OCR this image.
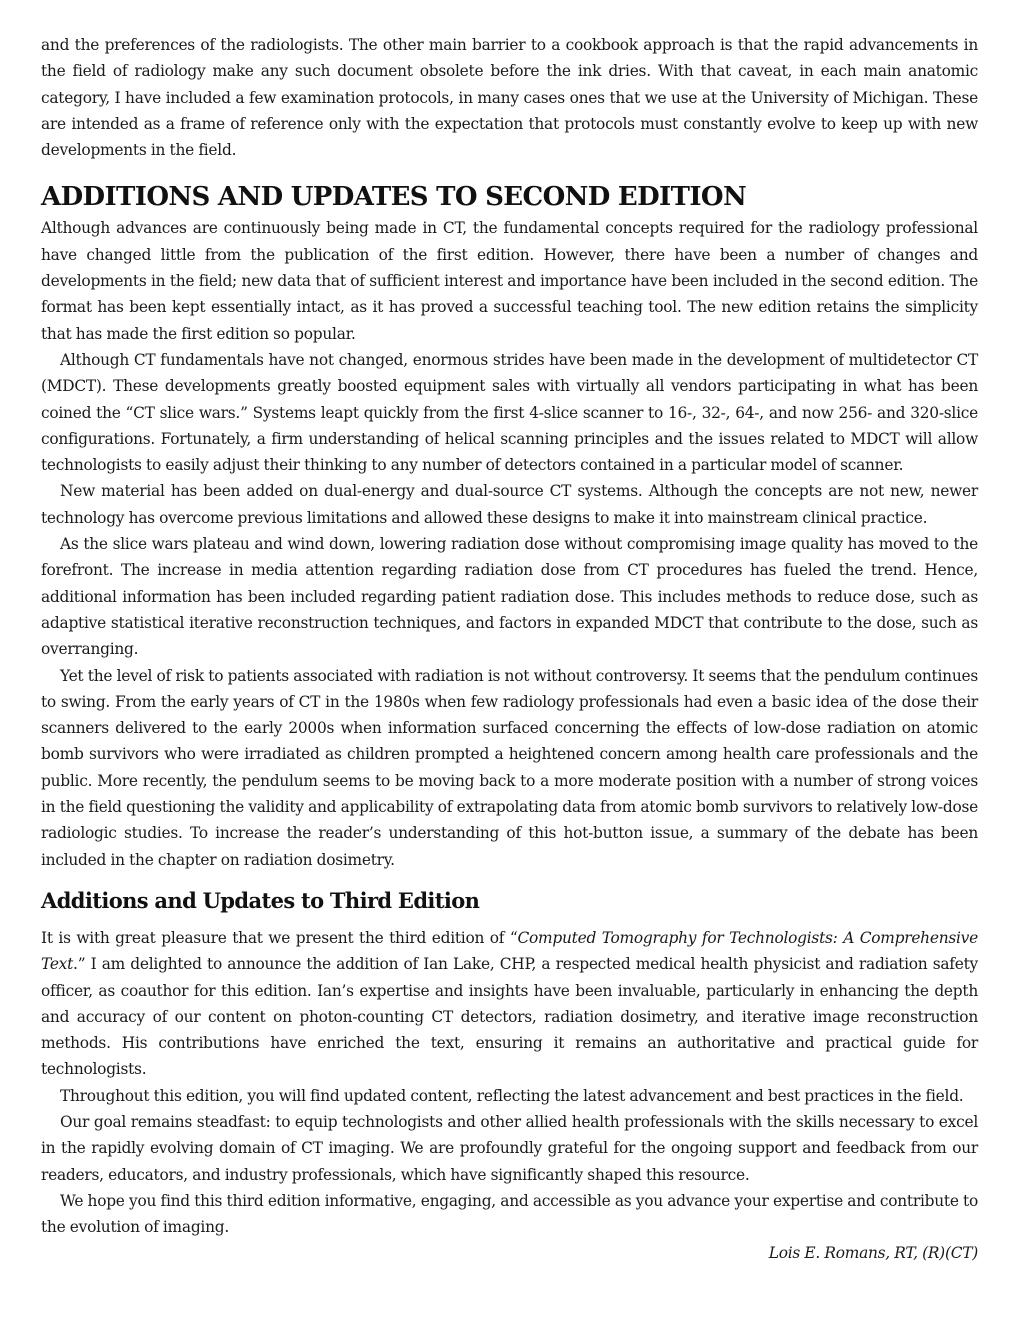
and the preferences of the radiologists. The other main barrier to a cookbook approach is that the rapid advancements in the field of radiology make any such document obsolete before the ink dries. With that caveat, in each main anatomic category, I have included a few examination protocols, in many cases ones that we use at the University of Michigan. These are intended as a frame of reference only with the expectation that protocols must constantly evolve to keep up with new developments in the field.

ADDITIONS AND UPDATES TO SECOND EDITION

Although advances are continuously being made in CT, the fundamental concepts required for the radiology professional have changed little from the publication of the first edition. However, there have been a number of changes and developments in the field; new data that of sufficient interest and importance have been included in the second edition. The format has been kept essentially intact, as it has proved a successful teaching tool. The new edition retains the simplicity that has made the first edition so popular.

Although CT fundamentals have not changed, enormous strides have been made in the development of multidetector CT (MDCT). These developments greatly boosted equipment sales with virtually all vendors participating in what has been coined the “CT slice wars.” Systems leapt quickly from the first 4-slice scanner to 16-, 32-, 64-, and now 256- and 320-slice configurations. Fortunately, a firm understanding of helical scanning principles and the issues related to MDCT will allow technologists to easily adjust their thinking to any number of detectors contained in a particular model of scanner.

New material has been added on dual-energy and dual-source CT systems. Although the concepts are not new, newer technology has overcome previous limitations and allowed these designs to make it into mainstream clinical practice.

As the slice wars plateau and wind down, lowering radiation dose without compromising image quality has moved to the forefront. The increase in media attention regarding radiation dose from CT procedures has fueled the trend. Hence, additional information has been included regarding patient radiation dose. This includes methods to reduce dose, such as adaptive statistical iterative reconstruction techniques, and factors in expanded MDCT that contribute to the dose, such as overranging.

Yet the level of risk to patients associated with radiation is not without controversy. It seems that the pendulum continues to swing. From the early years of CT in the 1980s when few radiology professionals had even a basic idea of the dose their scanners delivered to the early 2000s when information surfaced concerning the effects of low-dose radiation on atomic bomb survivors who were irradiated as children prompted a heightened concern among health care professionals and the public. More recently, the pendulum seems to be moving back to a more moderate position with a number of strong voices in the field questioning the validity and applicability of extrapolating data from atomic bomb survivors to relatively low-dose radiologic studies. To increase the reader’s understanding of this hot-button issue, a summary of the debate has been included in the chapter on radiation dosimetry.

Additions and Updates to Third Edition

It is with great pleasure that we present the third edition of “Computed Tomography for Technologists: A Comprehensive Text.” I am delighted to announce the addition of Ian Lake, CHP, a respected medical health physicist and radiation safety officer, as coauthor for this edition. Ian’s expertise and insights have been invaluable, particularly in enhancing the depth and accuracy of our content on photon-counting CT detectors, radiation dosimetry, and iterative image reconstruction methods. His contributions have enriched the text, ensuring it remains an authoritative and practical guide for technologists.

Throughout this edition, you will find updated content, reflecting the latest advancement and best practices in the field.

Our goal remains steadfast: to equip technologists and other allied health professionals with the skills necessary to excel in the rapidly evolving domain of CT imaging. We are profoundly grateful for the ongoing support and feedback from our readers, educators, and industry professionals, which have significantly shaped this resource.

We hope you find this third edition informative, engaging, and accessible as you advance your expertise and contribute to the evolution of imaging.

Lois E. Romans, RT, (R)(CT)
